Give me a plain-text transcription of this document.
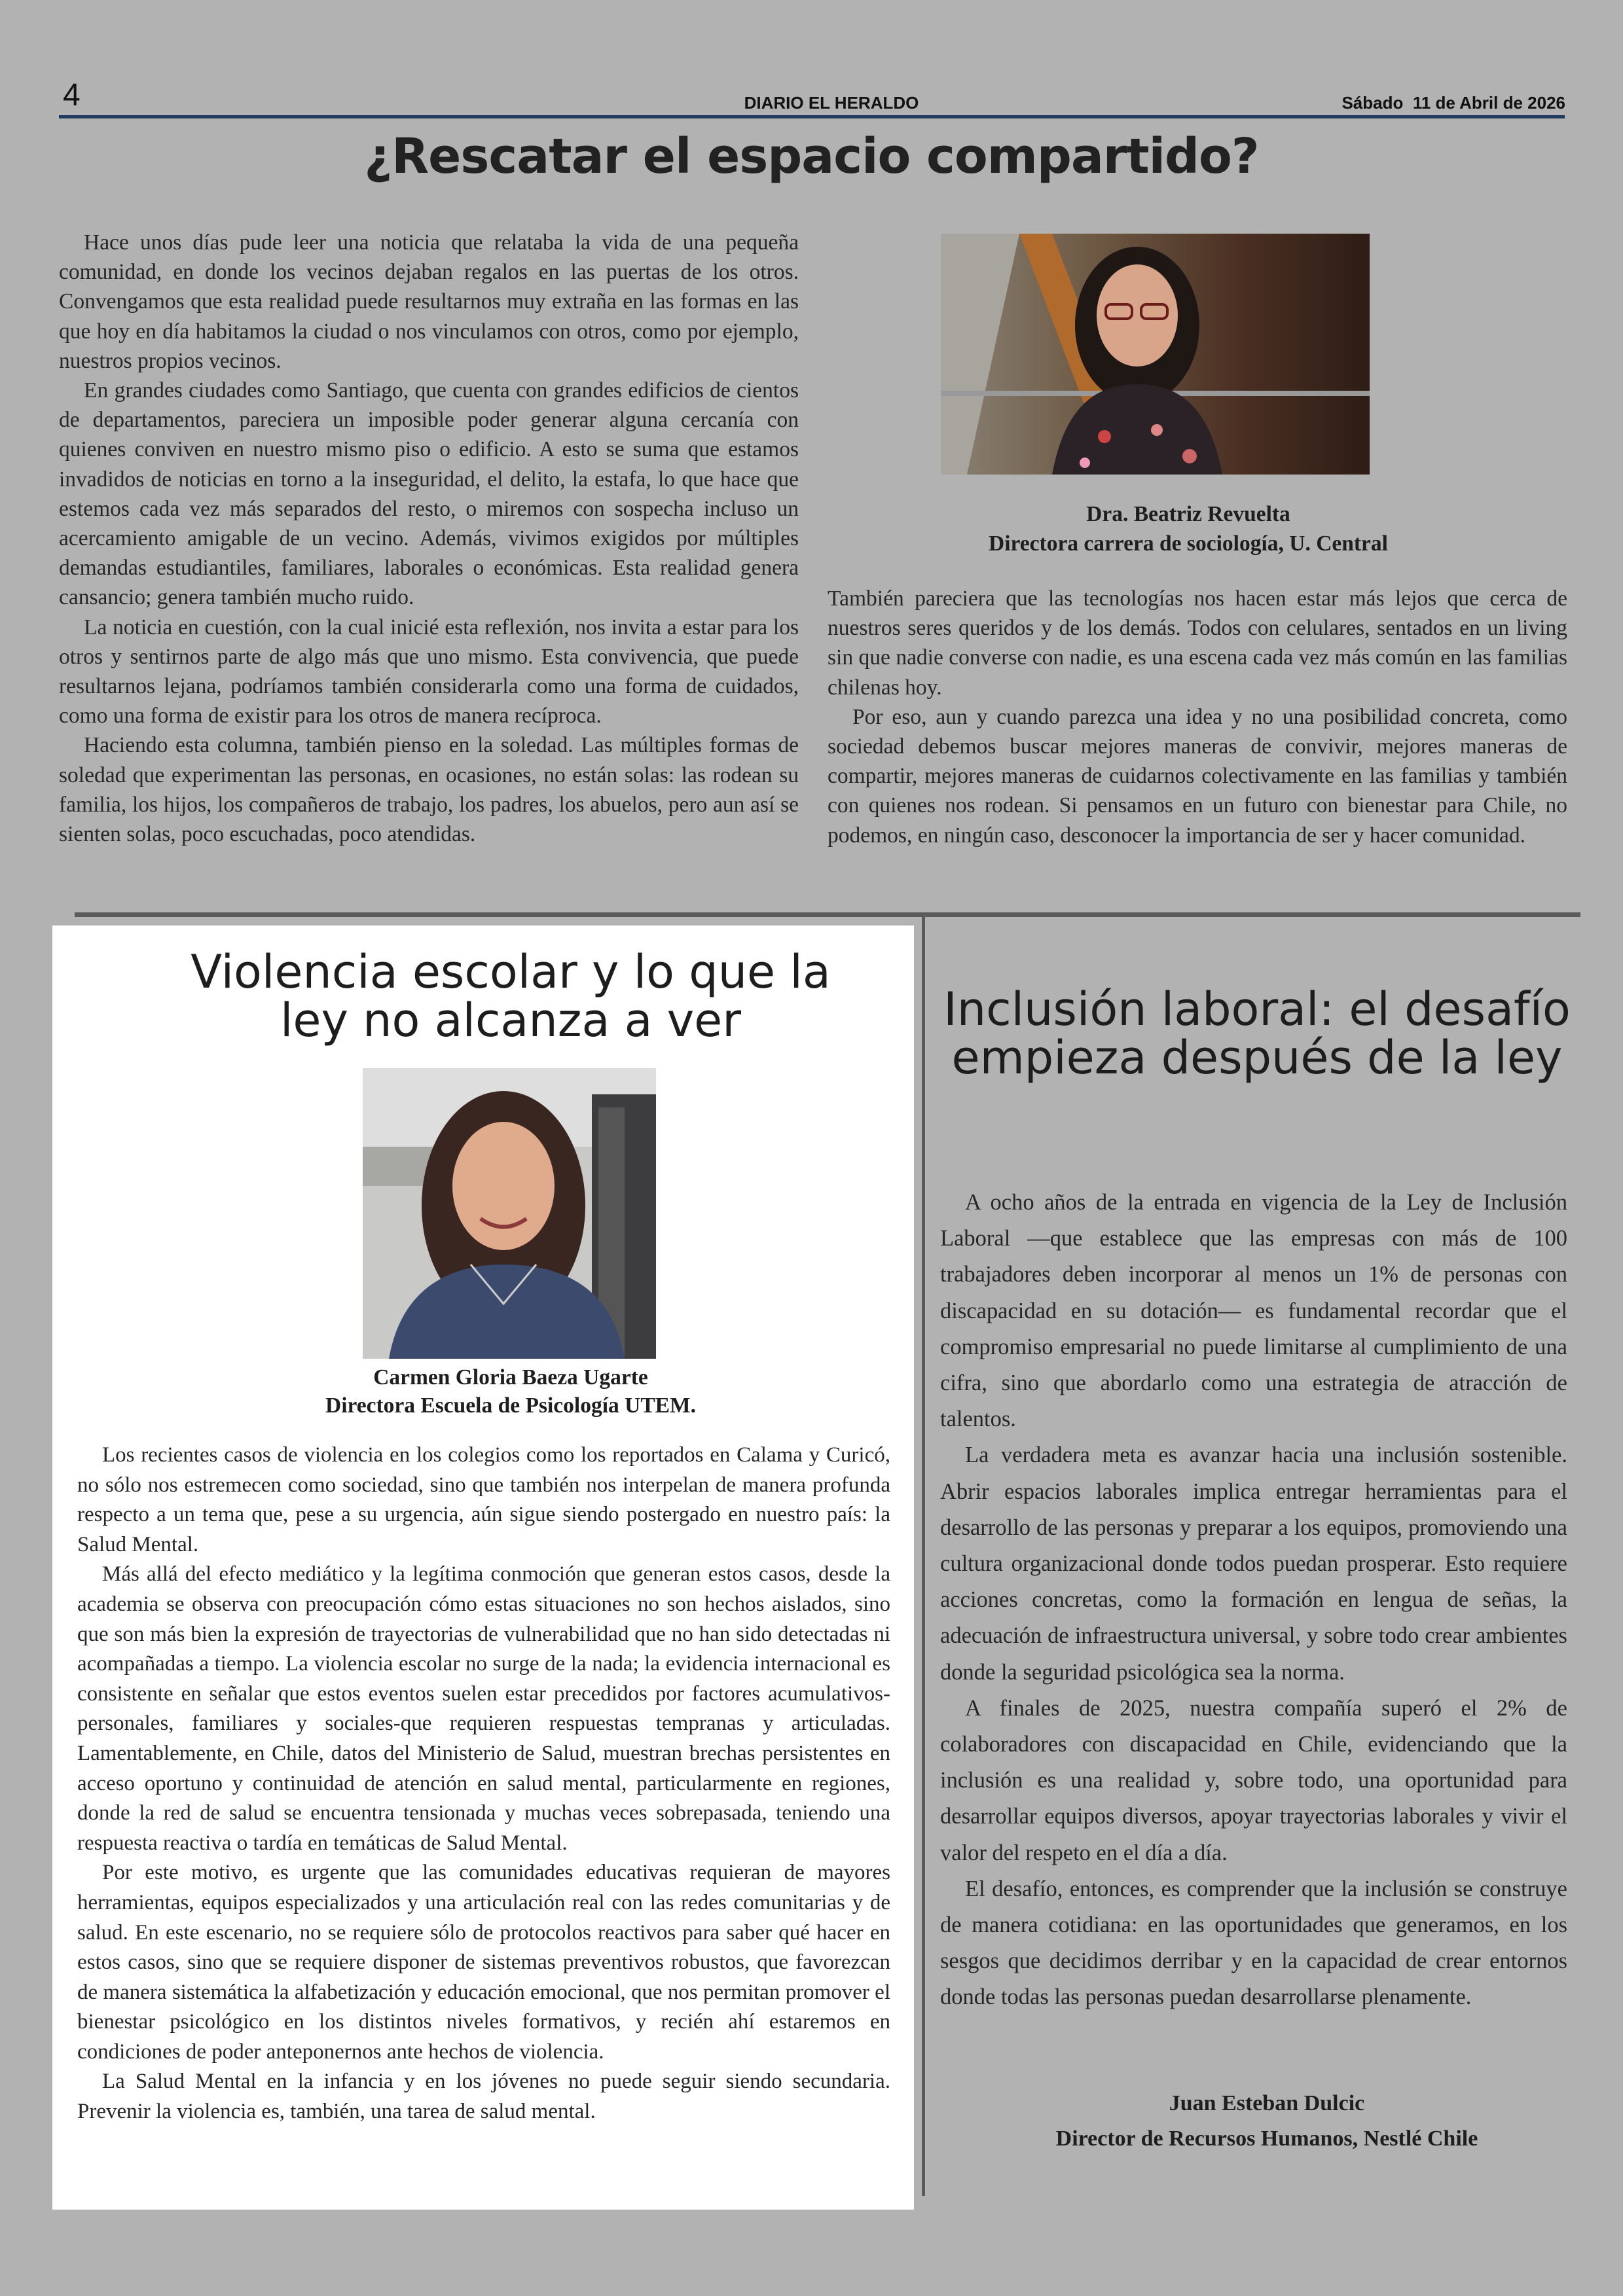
4	DIARIO EL HERALDO	Sábado  11 de Abril de 2026
¿Rescatar el espacio compartido?

Hace unos días pude leer una noticia que relataba la vida de una pequeña comunidad, en donde los vecinos dejaban regalos en las puertas de los otros. Convengamos que esta realidad puede resultarnos muy extraña en las formas en las que hoy en día habitamos la ciudad o nos vinculamos con otros, como por ejemplo, nuestros propios vecinos.

En grandes ciudades como Santiago, que cuenta con grandes edificios de cientos de departamentos, pareciera un imposible poder generar alguna cercanía con quienes conviven en nuestro mismo piso o edificio. A esto se suma que estamos invadidos de noticias en torno a la inseguridad, el delito, la estafa, lo que hace que estemos cada vez más separados del resto, o miremos con sospecha incluso un acercamiento amigable de un vecino. Además, vivimos exigidos por múltiples demandas estudiantiles, familiares, laborales o económicas. Esta realidad genera cansancio; genera también mucho ruido.

La noticia en cuestión, con la cual inicié esta reflexión, nos invita a estar para los otros y sentirnos parte de algo más que uno mismo. Esta convivencia, que puede resultarnos lejana, podríamos también considerarla como una forma de cuidados, como una forma de existir para los otros de manera recíproca.

Haciendo esta columna, también pienso en la soledad. Las múltiples formas de soledad que experimentan las personas, en ocasiones, no están solas: las rodean su familia, los hijos, los compañeros de trabajo, los padres, los abuelos, pero aun así se sienten solas, poco escuchadas, poco atendidas.

Dra. Beatriz Revuelta
Directora carrera de sociología, U. Central

También pareciera que las tecnologías nos hacen estar más lejos que cerca de nuestros seres queridos y de los demás. Todos con celulares, sentados en un living sin que nadie converse con nadie, es una escena cada vez más común en las familias chilenas hoy.

Por eso, aun y cuando parezca una idea y no una posibilidad concreta, como sociedad debemos buscar mejores maneras de convivir, mejores maneras de compartir, mejores maneras de cuidarnos colectivamente en las familias y también con quienes nos rodean. Si pensamos en un futuro con bienestar para Chile, no podemos, en ningún caso, desconocer la importancia de ser y hacer comunidad.

Violencia escolar y lo que la
ley no alcanza a ver
Carmen Gloria Baeza Ugarte
Directora Escuela de Psicología UTEM.

Los recientes casos de violencia en los colegios como los reportados en Calama y Curicó, no sólo nos estremecen como sociedad, sino que también nos interpelan de manera profunda respecto a un tema que, pese a su urgencia, aún sigue siendo postergado en nuestro país: la Salud Mental.

Más allá del efecto mediático y la legítima conmoción que generan estos casos, desde la academia se observa con preocupación cómo estas situaciones no son hechos aislados, sino que son más bien la expresión de trayectorias de vulnerabilidad que no han sido detectadas ni acompañadas a tiempo. La violencia escolar no surge de la nada; la evidencia internacional es consistente en señalar que estos eventos suelen estar precedidos por factores acumulativos-personales, familiares y sociales-que requieren respuestas tempranas y articuladas. Lamentablemente, en Chile, datos del Ministerio de Salud, muestran brechas persistentes en acceso oportuno y continuidad de atención en salud mental, particularmente en regiones, donde la red de salud se encuentra tensionada y muchas veces sobrepasada, teniendo una respuesta reactiva o tardía en temáticas de Salud Mental.

Por este motivo, es urgente que las comunidades educativas requieran de mayores herramientas, equipos especializados y una articulación real con las redes comunitarias y de salud. En este escenario, no se requiere sólo de protocolos reactivos para saber qué hacer en estos casos, sino que se requiere disponer de sistemas preventivos robustos, que favorezcan de manera sistemática la alfabetización y educación emocional, que nos permitan promover el bienestar psicológico en los distintos niveles formativos, y recién ahí estaremos en condiciones de poder anteponernos ante hechos de violencia.

La Salud Mental en la infancia y en los jóvenes no puede seguir siendo secundaria. Prevenir la violencia es, también, una tarea de salud mental.

Inclusión laboral: el desafío
empieza después de la ley

A ocho años de la entrada en vigencia de la Ley de Inclusión Laboral —que establece que las empresas con más de 100 trabajadores deben incorporar al menos un 1% de personas con discapacidad en su dotación— es fundamental recordar que el compromiso empresarial no puede limitarse al cumplimiento de una cifra, sino que abordarlo como una estrategia de atracción de talentos.

La verdadera meta es avanzar hacia una inclusión sostenible. Abrir espacios laborales implica entregar herramientas para el desarrollo de las personas y preparar a los equipos, promoviendo una cultura organizacional donde todos puedan prosperar. Esto requiere acciones concretas, como la formación en lengua de señas, la adecuación de infraestructura universal, y sobre todo crear ambientes donde la seguridad psicológica sea la norma.

A finales de 2025, nuestra compañía superó el 2% de colaboradores con discapacidad en Chile, evidenciando que la inclusión es una realidad y, sobre todo, una oportunidad para desarrollar equipos diversos, apoyar trayectorias laborales y vivir el valor del respeto en el día a día.

El desafío, entonces, es comprender que la inclusión se construye de manera cotidiana: en las oportunidades que generamos, en los sesgos que decidimos derribar y en la capacidad de crear entornos donde todas las personas puedan desarrollarse plenamente.

Juan Esteban Dulcic
Director de Recursos Humanos, Nestlé Chile
